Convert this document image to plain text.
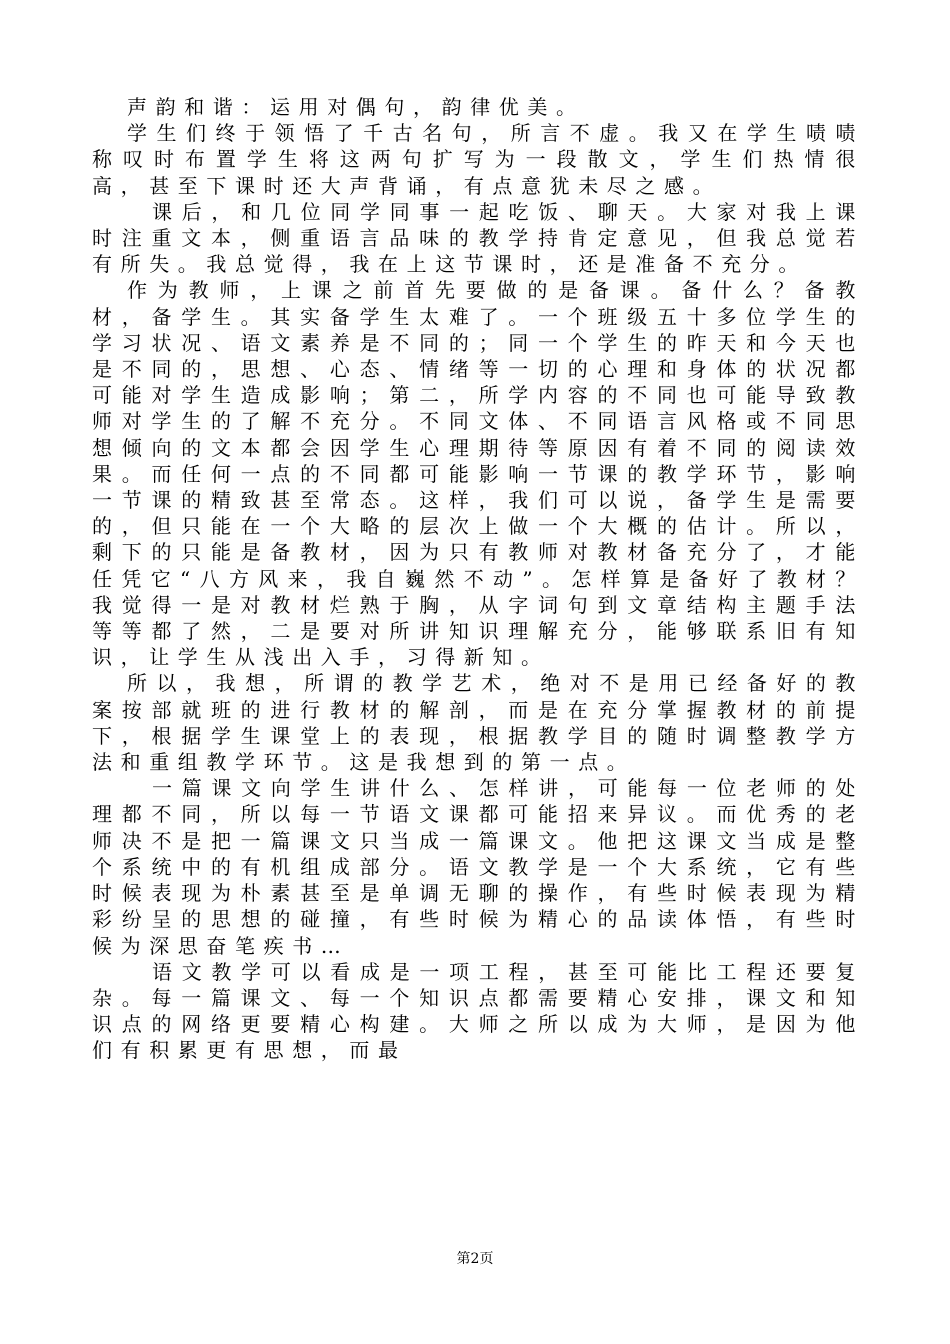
声韵和谐：运用对偶句，韵律优美。

学生们终于领悟了千古名句，所言不虚。我又在学生啧啧称叹时布置学生将这两句扩写为一段散文，学生们热情很高，甚至下课时还大声背诵，有点意犹未尽之感。

课后，和几位同学同事一起吃饭、聊天。大家对我上课时注重文本，侧重语言品味的教学持肯定意见，但我总觉若有所失。我总觉得，我在上这节课时，还是准备不充分。

作为教师，上课之前首先要做的是备课。备什么？备教材，备学生。其实备学生太难了。一个班级五十多位学生的学习状况、语文素养是不同的；同一个学生的昨天和今天也是不同的，思想、心态、情绪等一切的心理和身体的状况都可能对学生造成影响；第二，所学内容的不同也可能导致教师对学生的了解不充分。不同文体、不同语言风格或不同思想倾向的文本都会因学生心理期待等原因有着不同的阅读效果。而任何一点的不同都可能影响一节课的教学环节，影响一节课的精致甚至常态。这样，我们可以说，备学生是需要的，但只能在一个大略的层次上做一个大概的估计。所以，剩下的只能是备教材，因为只有教师对教材备充分了，才能任凭它“八方风来，我自巍然不动”。怎样算是备好了教材？我觉得一是对教材烂熟于胸，从字词句到文章结构主题手法等等都了然，二是要对所讲知识理解充分，能够联系旧有知识，让学生从浅出入手，习得新知。

所以，我想，所谓的教学艺术，绝对不是用已经备好的教案按部就班的进行教材的解剖，而是在充分掌握教材的前提下，根据学生课堂上的表现，根据教学目的随时调整教学方法和重组教学环节。这是我想到的第一点。

一篇课文向学生讲什么、怎样讲，可能每一位老师的处理都不同，所以每一节语文课都可能招来异议。而优秀的老师决不是把一篇课文只当成一篇课文。他把这课文当成是整个系统中的有机组成部分。语文教学是一个大系统，它有些时候表现为朴素甚至是单调无聊的操作，有些时候表现为精彩纷呈的思想的碰撞，有些时候为精心的品读体悟，有些时候为深思奋笔疾书…

语文教学可以看成是一项工程，甚至可能比工程还要复杂。每一篇课文、每一个知识点都需要精心安排，课文和知识点的网络更要精心构建。大师之所以成为大师，是因为他们有积累更有思想，而最

第2页
